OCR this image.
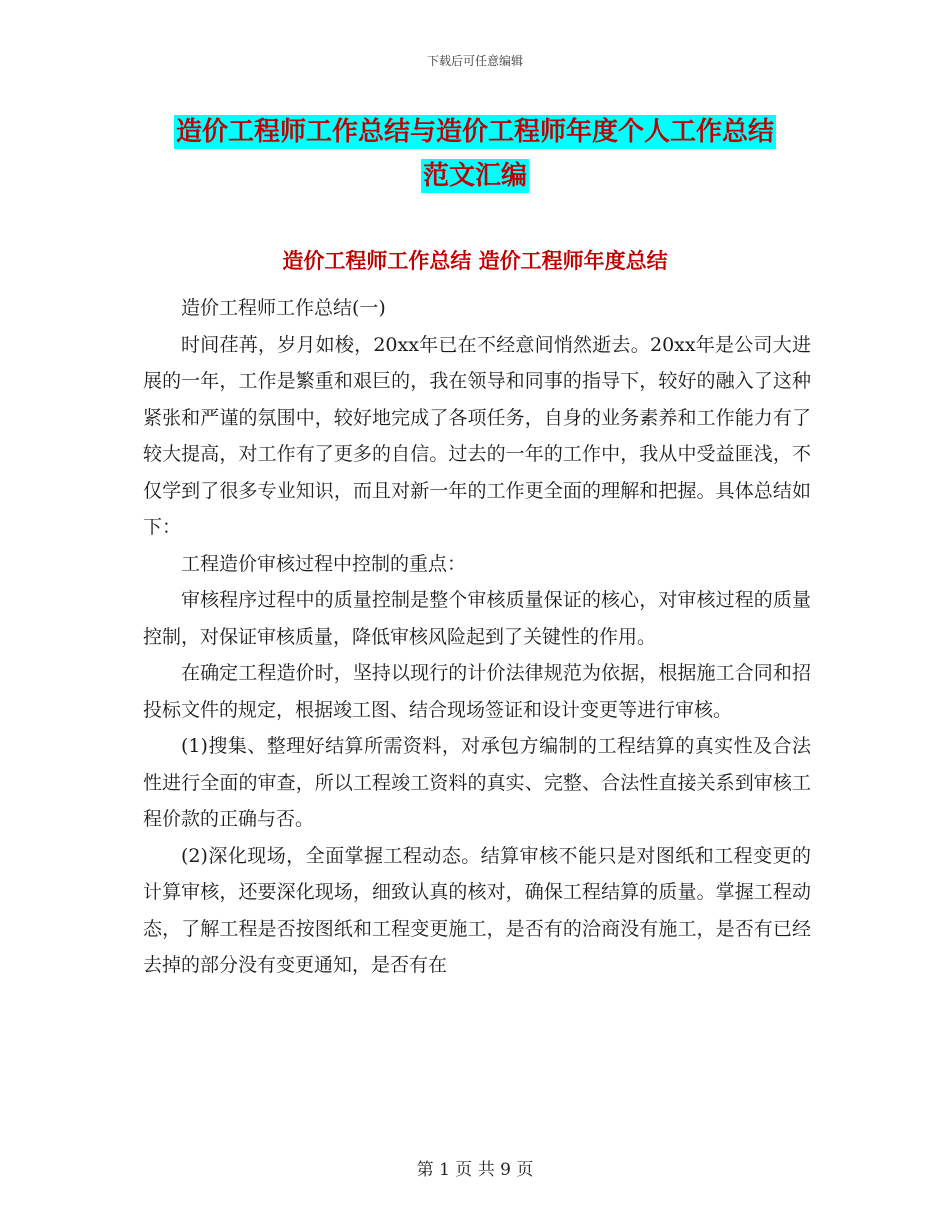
下载后可任意编辑
造价工程师工作总结与造价工程师年度个人工作总结
范文汇编
造价工程师工作总结 造价工程师年度总结

造价工程师工作总结(一)

时间荏苒，岁月如梭，20xx年已在不经意间悄然逝去。20xx年是公司大进展的一年，工作是繁重和艰巨的，我在领导和同事的指导下，较好的融入了这种紧张和严谨的氛围中，较好地完成了各项任务，自身的业务素养和工作能力有了较大提高，对工作有了更多的自信。过去的一年的工作中，我从中受益匪浅，不仅学到了很多专业知识，而且对新一年的工作更全面的理解和把握。具体总结如下：

工程造价审核过程中控制的重点：

审核程序过程中的质量控制是整个审核质量保证的核心，对审核过程的质量控制，对保证审核质量，降低审核风险起到了关键性的作用。

在确定工程造价时，坚持以现行的计价法律规范为依据，根据施工合同和招投标文件的规定，根据竣工图、结合现场签证和设计变更等进行审核。

(1)搜集、整理好结算所需资料，对承包方编制的工程结算的真实性及合法性进行全面的审查，所以工程竣工资料的真实、完整、合法性直接关系到审核工程价款的正确与否。

(2)深化现场，全面掌握工程动态。结算审核不能只是对图纸和工程变更的计算审核，还要深化现场，细致认真的核对，确保工程结算的质量。掌握工程动态，了解工程是否按图纸和工程变更施工，是否有的洽商没有施工，是否有已经去掉的部分没有变更通知，是否有在

第 1 页 共 9 页
